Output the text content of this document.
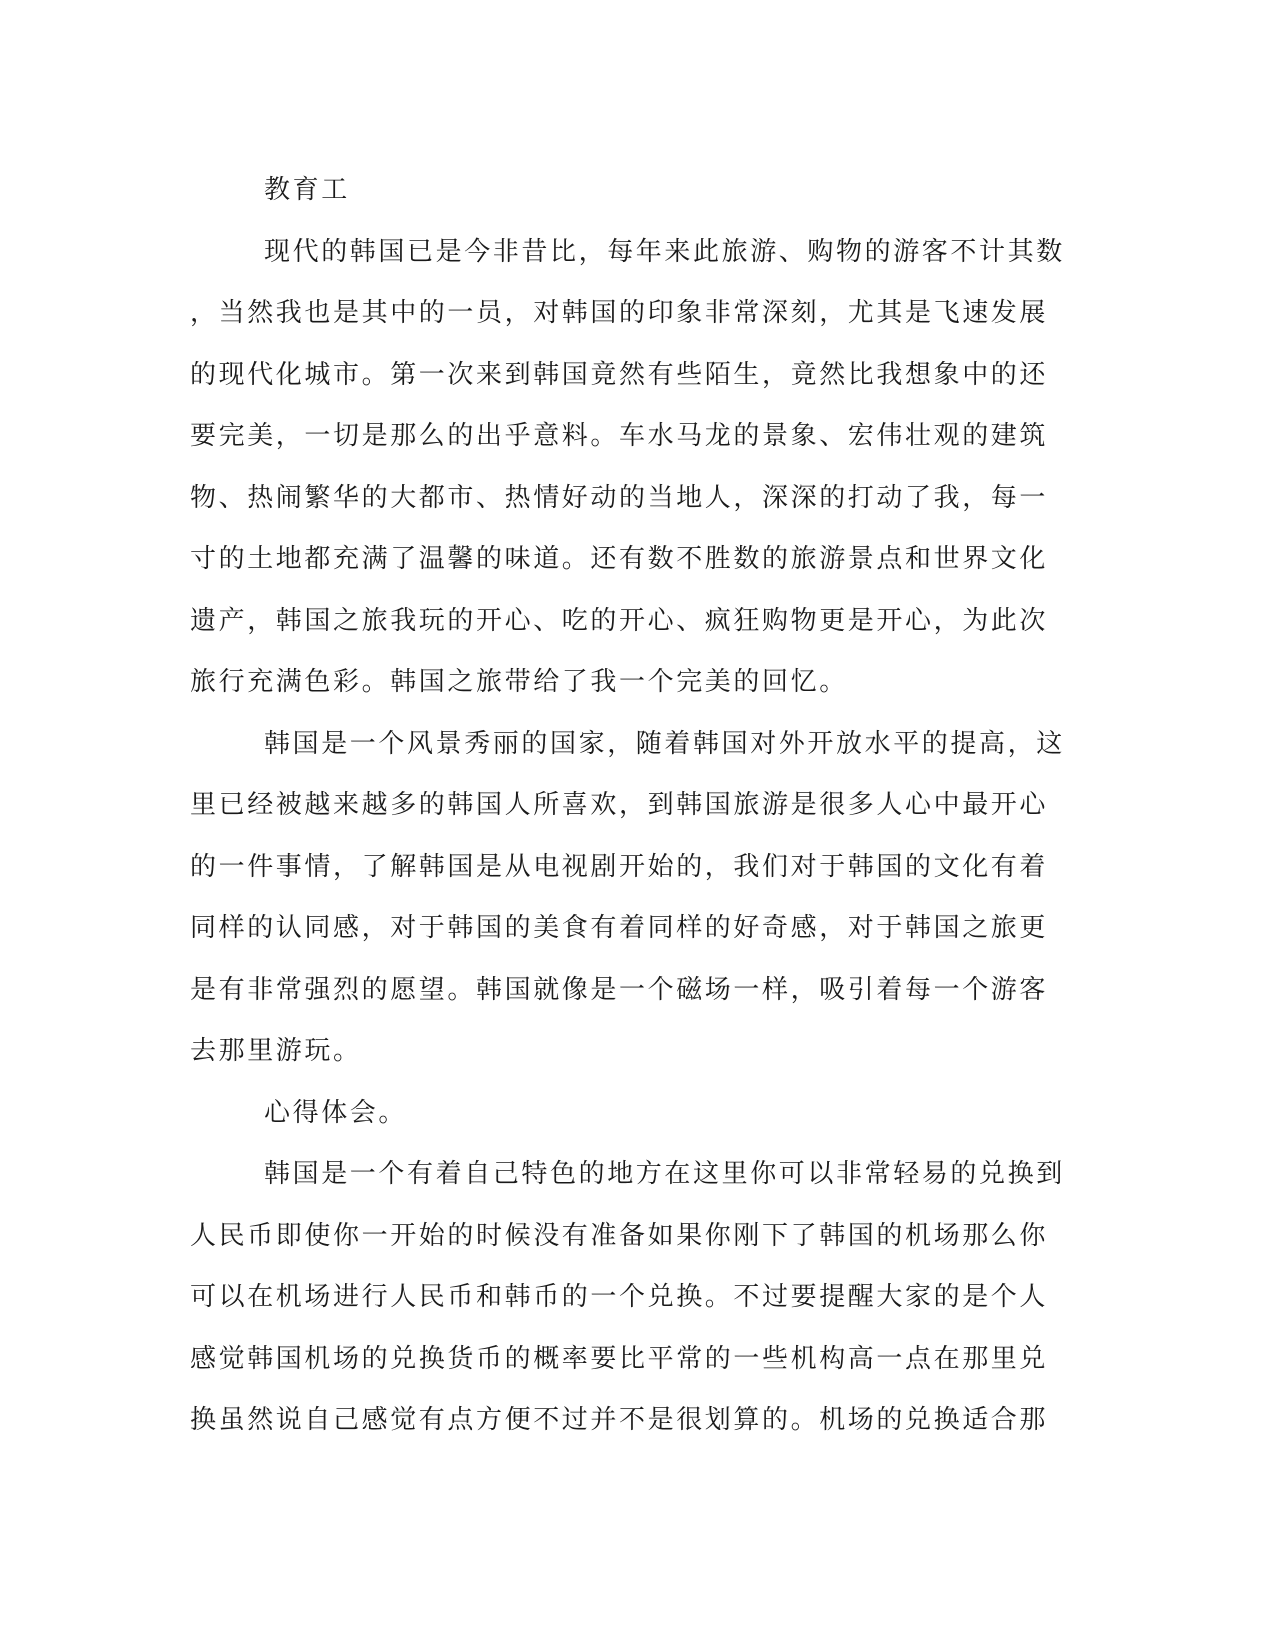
教育工
现代的韩国已是今非昔比，每年来此旅游、购物的游客不计其数
，当然我也是其中的一员，对韩国的印象非常深刻，尤其是飞速发展
的现代化城市。第一次来到韩国竟然有些陌生，竟然比我想象中的还
要完美，一切是那么的出乎意料。车水马龙的景象、宏伟壮观的建筑
物、热闹繁华的大都市、热情好动的当地人，深深的打动了我，每一
寸的土地都充满了温馨的味道。还有数不胜数的旅游景点和世界文化
遗产，韩国之旅我玩的开心、吃的开心、疯狂购物更是开心，为此次
旅行充满色彩。韩国之旅带给了我一个完美的回忆。
韩国是一个风景秀丽的国家，随着韩国对外开放水平的提高，这
里已经被越来越多的韩国人所喜欢，到韩国旅游是很多人心中最开心
的一件事情，了解韩国是从电视剧开始的，我们对于韩国的文化有着
同样的认同感，对于韩国的美食有着同样的好奇感，对于韩国之旅更
是有非常强烈的愿望。韩国就像是一个磁场一样，吸引着每一个游客
去那里游玩。
心得体会。
韩国是一个有着自己特色的地方在这里你可以非常轻易的兑换到
人民币即使你一开始的时候没有准备如果你刚下了韩国的机场那么你
可以在机场进行人民币和韩币的一个兑换。不过要提醒大家的是个人
感觉韩国机场的兑换货币的概率要比平常的一些机构高一点在那里兑
换虽然说自己感觉有点方便不过并不是很划算的。机场的兑换适合那
